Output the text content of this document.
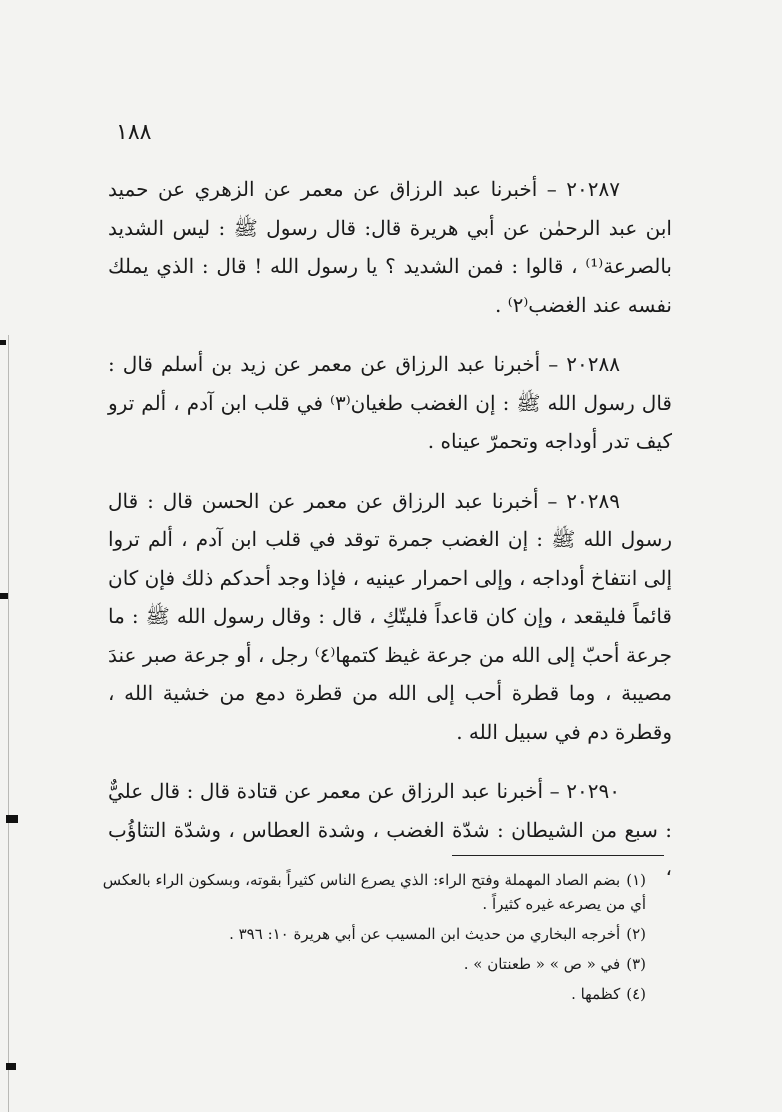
١٨٨

٢٠٢٨٧ – أخبرنا عبد الرزاق عن معمر عن الزهري عن حميد ابن عبد الرحمٰن عن أبي هريرة قال: قال رسول ﷺ : ليس الشديد بالصرعة⁽¹⁾ ، قالوا : فمن الشديد ؟ يا رسول الله ! قال : الذي يملك نفسه عند الغضب⁽٢⁾ .

٢٠٢٨٨ – أخبرنا عبد الرزاق عن معمر عن زيد بن أسلم قال : قال رسول الله ﷺ : إن الغضب طغيان⁽٣⁾ في قلب ابن آدم ، ألم ترو كيف تدر أوداجه وتحمرّ عيناه .

٢٠٢٨٩ – أخبرنا عبد الرزاق عن معمر عن الحسن قال : قال رسول الله ﷺ : إن الغضب جمرة توقد في قلب ابن آدم ، ألم تروا إلى انتفاخ أوداجه ، وإلى احمرار عينيه ، فإذا وجد أحدكم ذلك فإن كان قائماً فليقعد ، وإن كان قاعداً فليتّكِ ، قال : وقال رسول الله ﷺ : ما جرعة أحبّ إلى الله من جرعة غيظ كتمها⁽٤⁾ رجل ، أو جرعة صبر عندَ مصيبة ، وما قطرة أحب إلى الله من قطرة دمع من خشية الله ، وقطرة دم في سبيل الله .

٢٠٢٩٠ – أخبرنا عبد الرزاق عن معمر عن قتادة قال : قال عليٌّ : سبع من الشيطان : شدّة الغضب ، وشدة العطاس ، وشدّة التثاؤُب ،

(١)بضم الصاد المهملة وفتح الراء: الذي يصرع الناس كثيراً بقوته، وبسكون الراء بالعكس أي من يصرعه غيره كثيراً .

(٢)أخرجه البخاري من حديث ابن المسيب عن أبي هريرة ١٠: ٣٩٦ .

(٣)في « ص » « طعنتان » .

(٤)كظمها .
